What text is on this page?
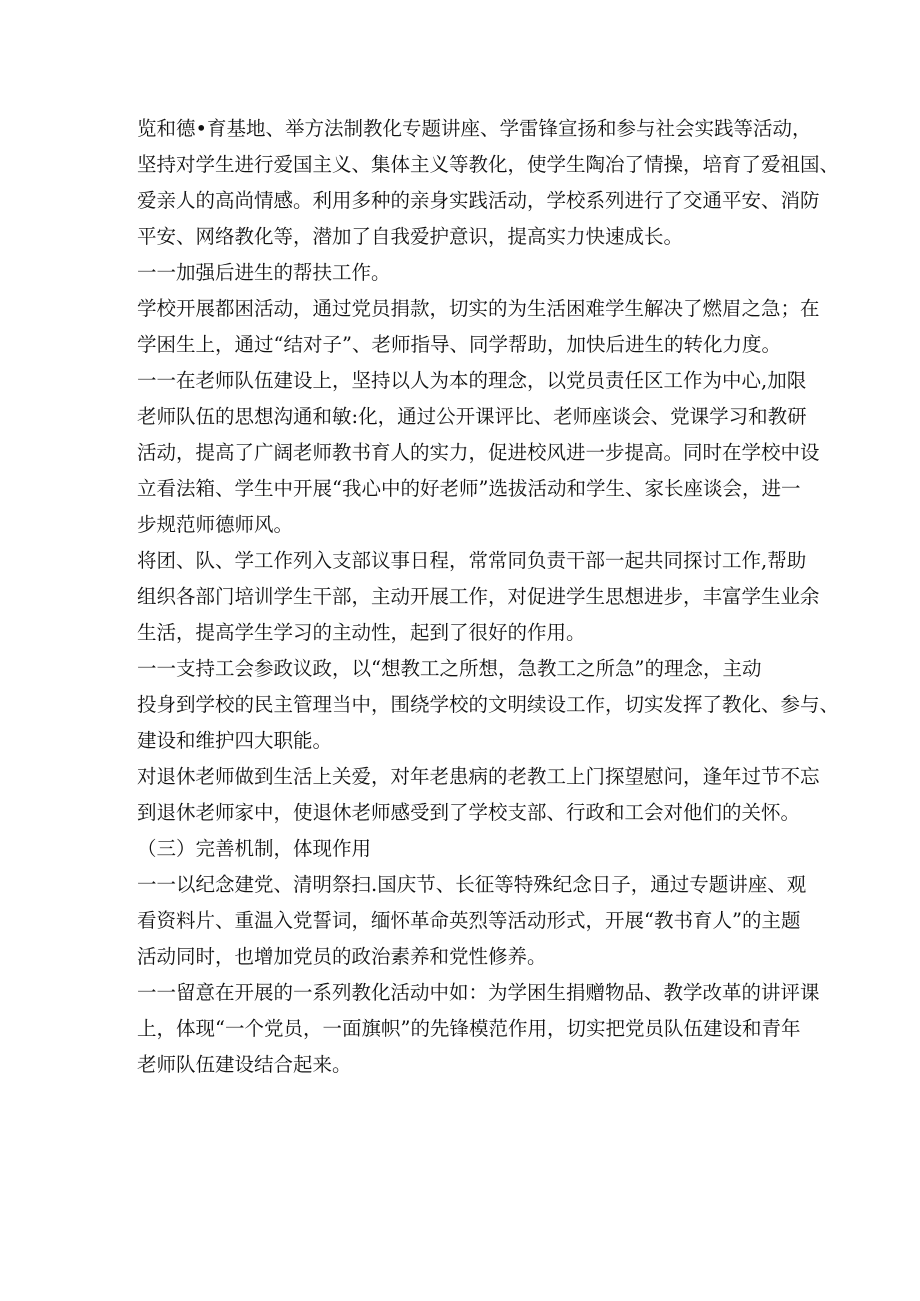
览和德•育基地、举方法制教化专题讲座、学雷锋宣扬和参与社会实践等活动，
坚持对学生进行爱国主义、集体主义等教化，使学生陶冶了情操，培育了爱祖国、
爱亲人的高尚情感。利用多种的亲身实践活动，学校系列进行了交通平安、消防
平安、网络教化等，潜加了自我爱护意识，提高实力快速成长。
一一加强后进生的帮扶工作。
学校开展都困活动，通过党员捐款，切实的为生活困难学生解决了燃眉之急；在
学困生上，通过“结对子”、老师指导、同学帮助，加快后进生的转化力度。
一一在老师队伍建设上，坚持以人为本的理念，以党员责任区工作为中心,加限
老师队伍的思想沟通和敏:化，通过公开课评比、老师座谈会、党课学习和教研
活动，提高了广阔老师教书育人的实力，促进校风进一步提高。同时在学校中设
立看法箱、学生中开展“我心中的好老师”选拔活动和学生、家长座谈会，进一
步规范师德师风。
将团、队、学工作列入支部议事日程，常常同负责干部一起共同探讨工作,帮助
组织各部门培训学生干部，主动开展工作，对促进学生思想进步，丰富学生业余
生活，提高学生学习的主动性，起到了很好的作用。
一一支持工会参政议政，以“想教工之所想，急教工之所急”的理念，主动
投身到学校的民主管理当中，围绕学校的文明续设工作，切实发挥了教化、参与、
建设和维护四大职能。
对退休老师做到生活上关爱，对年老患病的老教工上门探望慰问，逢年过节不忘
到退休老师家中，使退休老师感受到了学校支部、行政和工会对他们的关怀。
（三）完善机制，体现作用
一一以纪念建党、清明祭扫.国庆节、长征等特殊纪念日子，通过专题讲座、观
看资料片、重温入党誓词，缅怀革命英烈等活动形式，开展“教书育人”的主题
活动同时，也增加党员的政治素养和党性修养。
一一留意在开展的一系列教化活动中如：为学困生捐赠物品、教学改革的讲评课
上，体现“一个党员，一面旗帜”的先锋模范作用，切实把党员队伍建设和青年
老师队伍建设结合起来。
